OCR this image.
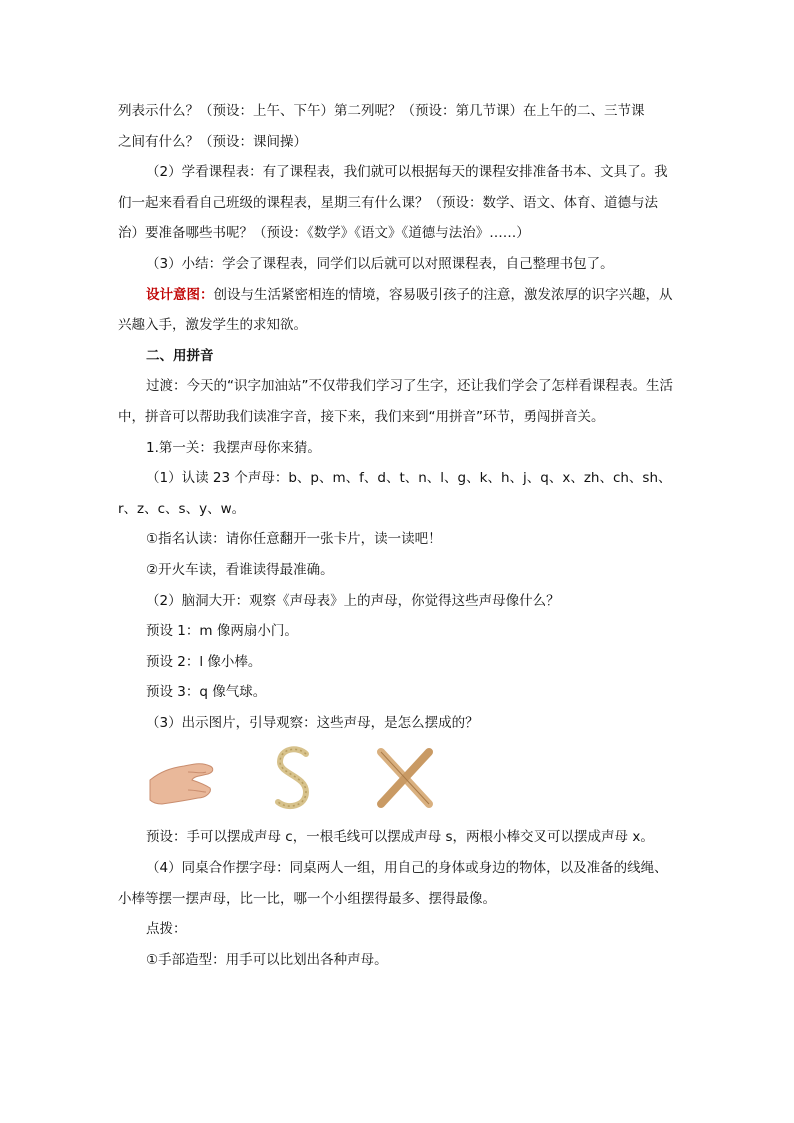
列表示什么？（预设：上午、下午）第二列呢？（预设：第几节课）在上午的二、三节课

之间有什么？（预设：课间操）

（2）学看课程表：有了课程表，我们就可以根据每天的课程安排准备书本、文具了。我们一起来看看自己班级的课程表，星期三有什么课？（预设：数学、语文、体育、道德与法治）要准备哪些书呢？（预设：《数学》《语文》《道德与法治》……）

（3）小结：学会了课程表，同学们以后就可以对照课程表，自己整理书包了。

设计意图：创设与生活紧密相连的情境，容易吸引孩子的注意，激发浓厚的识字兴趣，从兴趣入手，激发学生的求知欲。

二、用拼音

过渡：今天的“识字加油站”不仅带我们学习了生字，还让我们学会了怎样看课程表。生活中，拼音可以帮助我们读准字音，接下来，我们来到“用拼音”环节，勇闯拼音关。

1.第一关：我摆声母你来猜。

（1）认读 23 个声母：b、p、m、f、d、t、n、l、g、k、h、j、q、x、zh、ch、sh、r、z、c、s、y、w。

①指名认读：请你任意翻开一张卡片，读一读吧！

②开火车读，看谁读得最准确。

（2）脑洞大开：观察《声母表》上的声母，你觉得这些声母像什么？

预设 1：m 像两扇小门。

预设 2：l 像小棒。

预设 3：q 像气球。

（3）出示图片，引导观察：这些声母，是怎么摆成的？

预设：手可以摆成声母 c，一根毛线可以摆成声母 s，两根小棒交叉可以摆成声母 x。

（4）同桌合作摆字母：同桌两人一组，用自己的身体或身边的物体，以及准备的线绳、小棒等摆一摆声母，比一比，哪一个小组摆得最多、摆得最像。

点拨：

①手部造型：用手可以比划出各种声母。
